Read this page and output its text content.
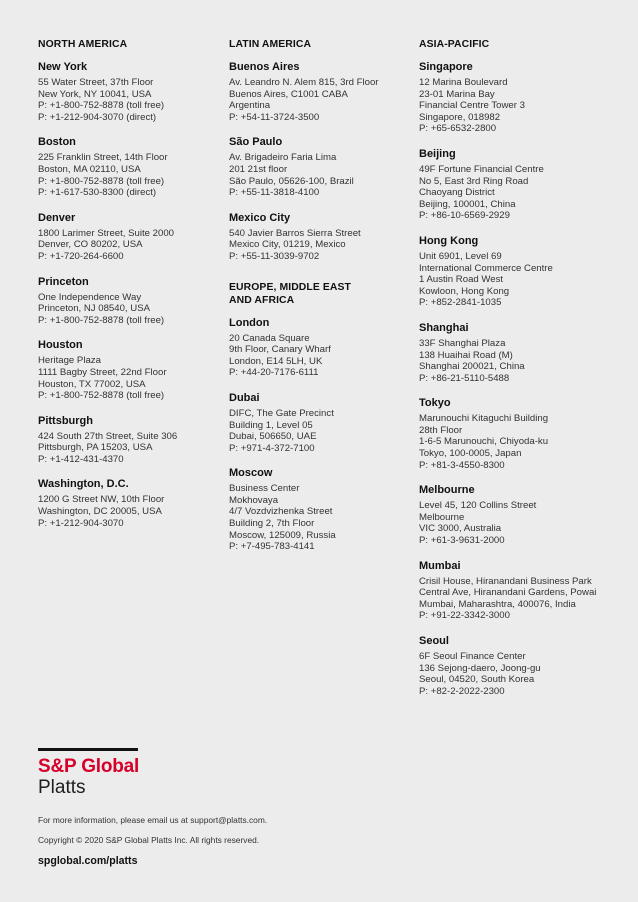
NORTH AMERICA
New York
55 Water Street, 37th Floor
New York, NY 10041, USA
P: +1-800-752-8878 (toll free)
P: +1-212-904-3070 (direct)
Boston
225 Franklin Street, 14th Floor
Boston, MA 02110, USA
P: +1-800-752-8878 (toll free)
P: +1-617-530-8300 (direct)
Denver
1800 Larimer Street, Suite 2000
Denver, CO 80202, USA
P: +1-720-264-6600
Princeton
One Independence Way
Princeton, NJ 08540, USA
P: +1-800-752-8878 (toll free)
Houston
Heritage Plaza
1111 Bagby Street, 22nd Floor
Houston, TX 77002, USA
P: +1-800-752-8878 (toll free)
Pittsburgh
424 South 27th Street, Suite 306
Pittsburgh, PA 15203, USA
P: +1-412-431-4370
Washington, D.C.
1200 G Street NW, 10th Floor
Washington, DC 20005, USA
P: +1-212-904-3070
LATIN AMERICA
Buenos Aires
Av. Leandro N. Alem 815, 3rd Floor
Buenos Aires, C1001 CABA
Argentina
P: +54-11-3724-3500
São Paulo
Av. Brigadeiro Faria Lima
201 21st floor
São Paulo, 05626-100, Brazil
P: +55-11-3818-4100
Mexico City
540 Javier Barros Sierra Street
Mexico City, 01219, Mexico
P: +55-11-3039-9702
EUROPE, MIDDLE EAST
AND AFRICA
London
20 Canada Square
9th Floor, Canary Wharf
London, E14 5LH, UK
P: +44-20-7176-6111
Dubai
DIFC, The Gate Precinct
Building 1, Level 05
Dubai, 506650, UAE
P: +971-4-372-7100
Moscow
Business Center
Mokhovaya
4/7 Vozdvizhenka Street
Building 2, 7th Floor
Moscow, 125009, Russia
P: +7-495-783-4141
ASIA-PACIFIC
Singapore
12 Marina Boulevard
23-01 Marina Bay
Financial Centre Tower 3
Singapore, 018982
P: +65-6532-2800
Beijing
49F Fortune Financial Centre
No 5, East 3rd Ring Road
Chaoyang District
Beijing, 100001, China
P: +86-10-6569-2929
Hong Kong
Unit 6901, Level 69
International Commerce Centre
1 Austin Road West
Kowloon, Hong Kong
P: +852-2841-1035
Shanghai
33F Shanghai Plaza
138 Huaihai Road (M)
Shanghai 200021, China
P: +86-21-5110-5488
Tokyo
Marunouchi Kitaguchi Building
28th Floor
1-6-5 Marunouchi, Chiyoda-ku
Tokyo, 100-0005, Japan
P: +81-3-4550-8300
Melbourne
Level 45, 120 Collins Street
Melbourne
VIC 3000, Australia
P: +61-3-9631-2000
Mumbai
Crisil House, Hiranandani Business Park
Central Ave, Hiranandani Gardens, Powai
Mumbai, Maharashtra, 400076, India
P: +91-22-3342-3000
Seoul
6F Seoul Finance Center
136 Sejong-daero, Joong-gu
Seoul, 04520, South Korea
P: +82-2-2022-2300
S&P Global
Platts
For more information, please email us at support@platts.com.
Copyright © 2020 S&P Global Platts Inc. All rights reserved.
spglobal.com/platts
